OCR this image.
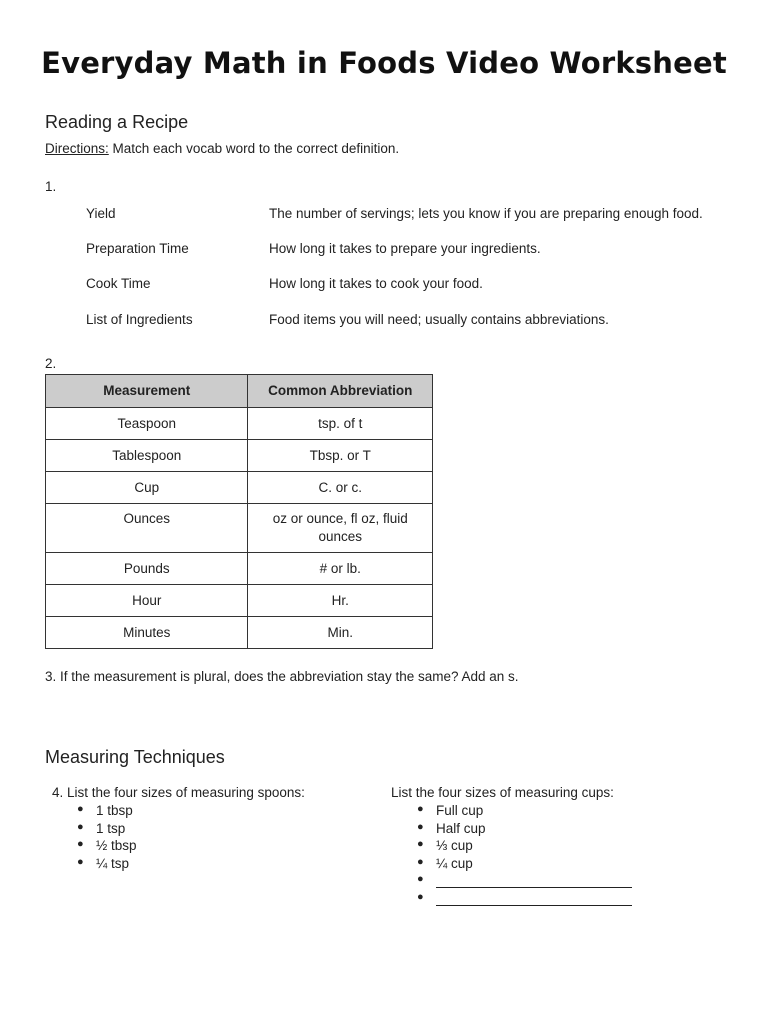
Everyday Math in Foods Video Worksheet
Reading a Recipe
Directions: Match each vocab word to the correct definition.
1.
Yield	The number of servings; lets you know if you are preparing enough food.
Preparation Time	How long it takes to prepare your ingredients.
Cook Time	How long it takes to cook your food.
List of Ingredients	Food items you will need; usually contains abbreviations.
2.
Measurement	Common Abbreviation
Teaspoon	tsp. of t
Tablespoon	Tbsp. or T
Cup	C. or c.
Ounces	oz or ounce, fl oz, fluid ounces
Pounds	# or lb.
Hour	Hr.
Minutes	Min.
3. If the measurement is plural, does the abbreviation stay the same? Add an s.
Measuring Techniques
4. List the four sizes of measuring spoons:
● 1 tbsp
● 1 tsp
● ½ tbsp
● ¼ tsp
List the four sizes of measuring cups:
● Full cup
● Half cup
● ⅓ cup
● ¼ cup
●
●
